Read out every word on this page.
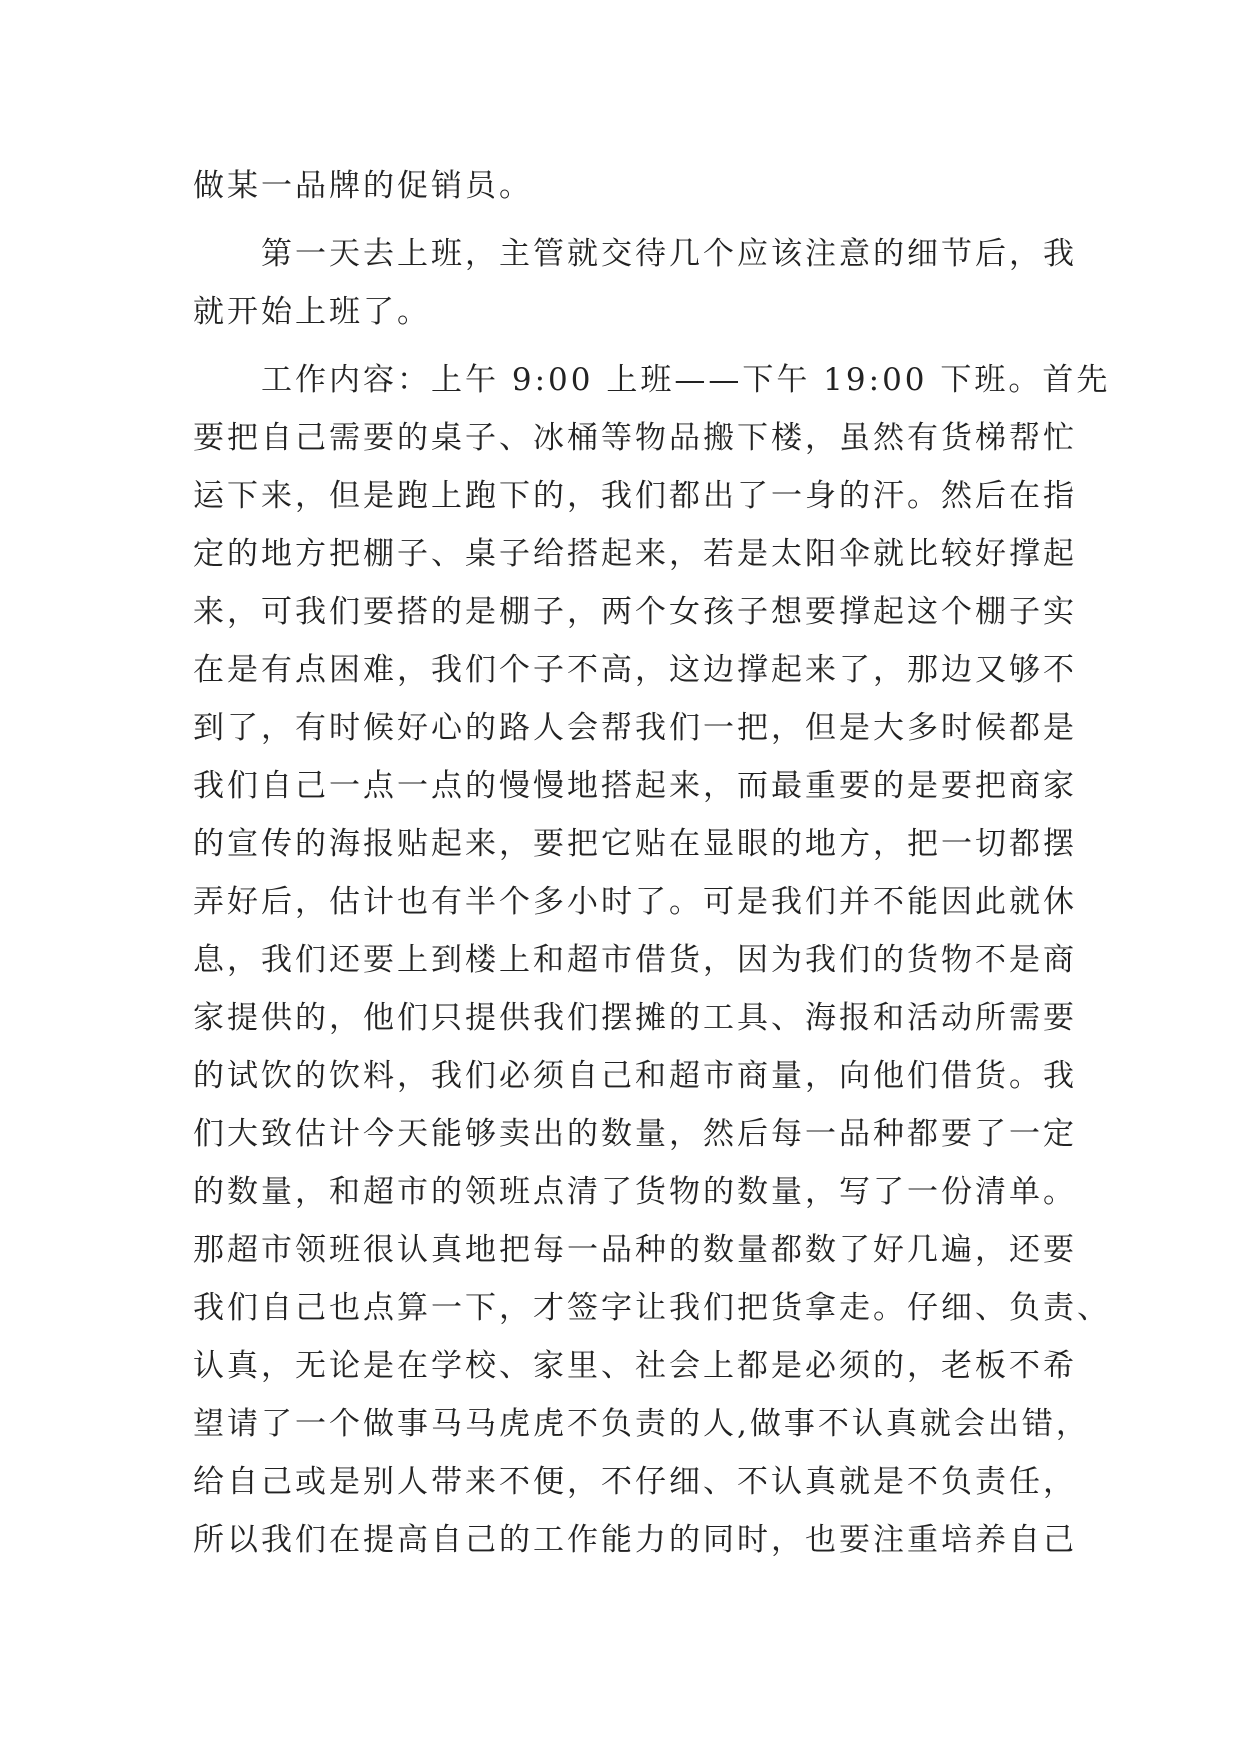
做某一品牌的促销员。
第一天去上班，主管就交待几个应该注意的细节后，我
就开始上班了。
工作内容：上午 9:00 上班——下午 19:00 下班。首先
要把自己需要的桌子、冰桶等物品搬下楼，虽然有货梯帮忙
运下来，但是跑上跑下的，我们都出了一身的汗。然后在指
定的地方把棚子、桌子给搭起来，若是太阳伞就比较好撑起
来，可我们要搭的是棚子，两个女孩子想要撑起这个棚子实
在是有点困难，我们个子不高，这边撑起来了，那边又够不
到了，有时候好心的路人会帮我们一把，但是大多时候都是
我们自己一点一点的慢慢地搭起来，而最重要的是要把商家
的宣传的海报贴起来，要把它贴在显眼的地方，把一切都摆
弄好后，估计也有半个多小时了。可是我们并不能因此就休
息，我们还要上到楼上和超市借货，因为我们的货物不是商
家提供的，他们只提供我们摆摊的工具、海报和活动所需要
的试饮的饮料，我们必须自己和超市商量，向他们借货。我
们大致估计今天能够卖出的数量，然后每一品种都要了一定
的数量，和超市的领班点清了货物的数量，写了一份清单。
那超市领班很认真地把每一品种的数量都数了好几遍，还要
我们自己也点算一下，才签字让我们把货拿走。仔细、负责、
认真，无论是在学校、家里、社会上都是必须的，老板不希
望请了一个做事马马虎虎不负责的人,做事不认真就会出错，
给自己或是别人带来不便，不仔细、不认真就是不负责任，
所以我们在提高自己的工作能力的同时，也要注重培养自己
